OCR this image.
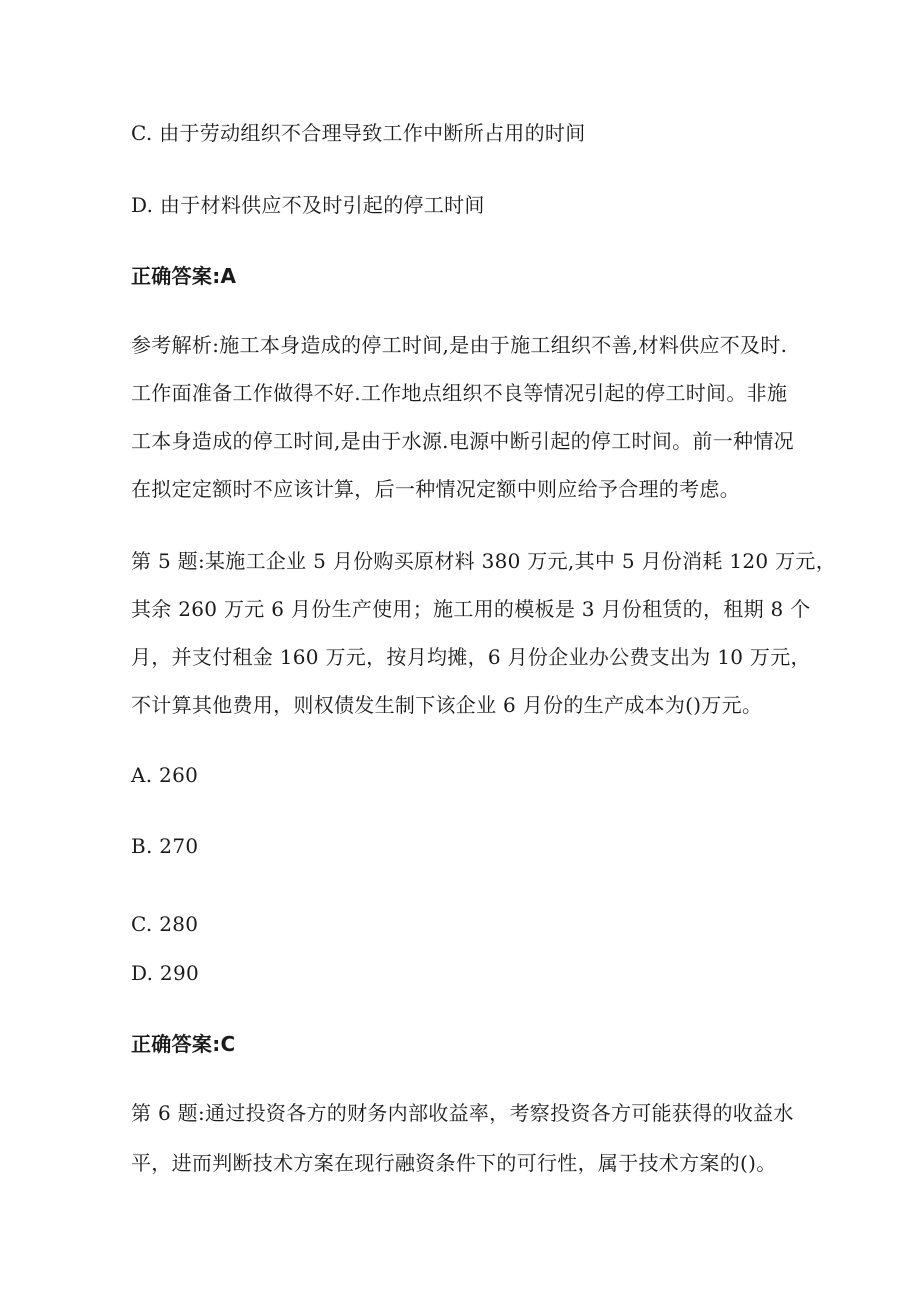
C. 由于劳动组织不合理导致工作中断所占用的时间
D. 由于材料供应不及时引起的停工时间
正确答案:A
参考解析:施工本身造成的停工时间,是由于施工组织不善,材料供应不及时.
工作面准备工作做得不好.工作地点组织不良等情况引起的停工时间。非施
工本身造成的停工时间,是由于水源.电源中断引起的停工时间。前一种情况
在拟定定额时不应该计算，后一种情况定额中则应给予合理的考虑。
第 5 题:某施工企业 5 月份购买原材料 380 万元,其中 5 月份消耗 120 万元，
其余 260 万元 6 月份生产使用；施工用的模板是 3 月份租赁的，租期 8 个
月，并支付租金 160 万元，按月均摊，6 月份企业办公费支出为 10 万元，
不计算其他费用，则权债发生制下该企业 6 月份的生产成本为()万元。
A. 260
B. 270
C. 280
D. 290
正确答案:C
第 6 题:通过投资各方的财务内部收益率，考察投资各方可能获得的收益水
平，进而判断技术方案在现行融资条件下的可行性，属于技术方案的()。
